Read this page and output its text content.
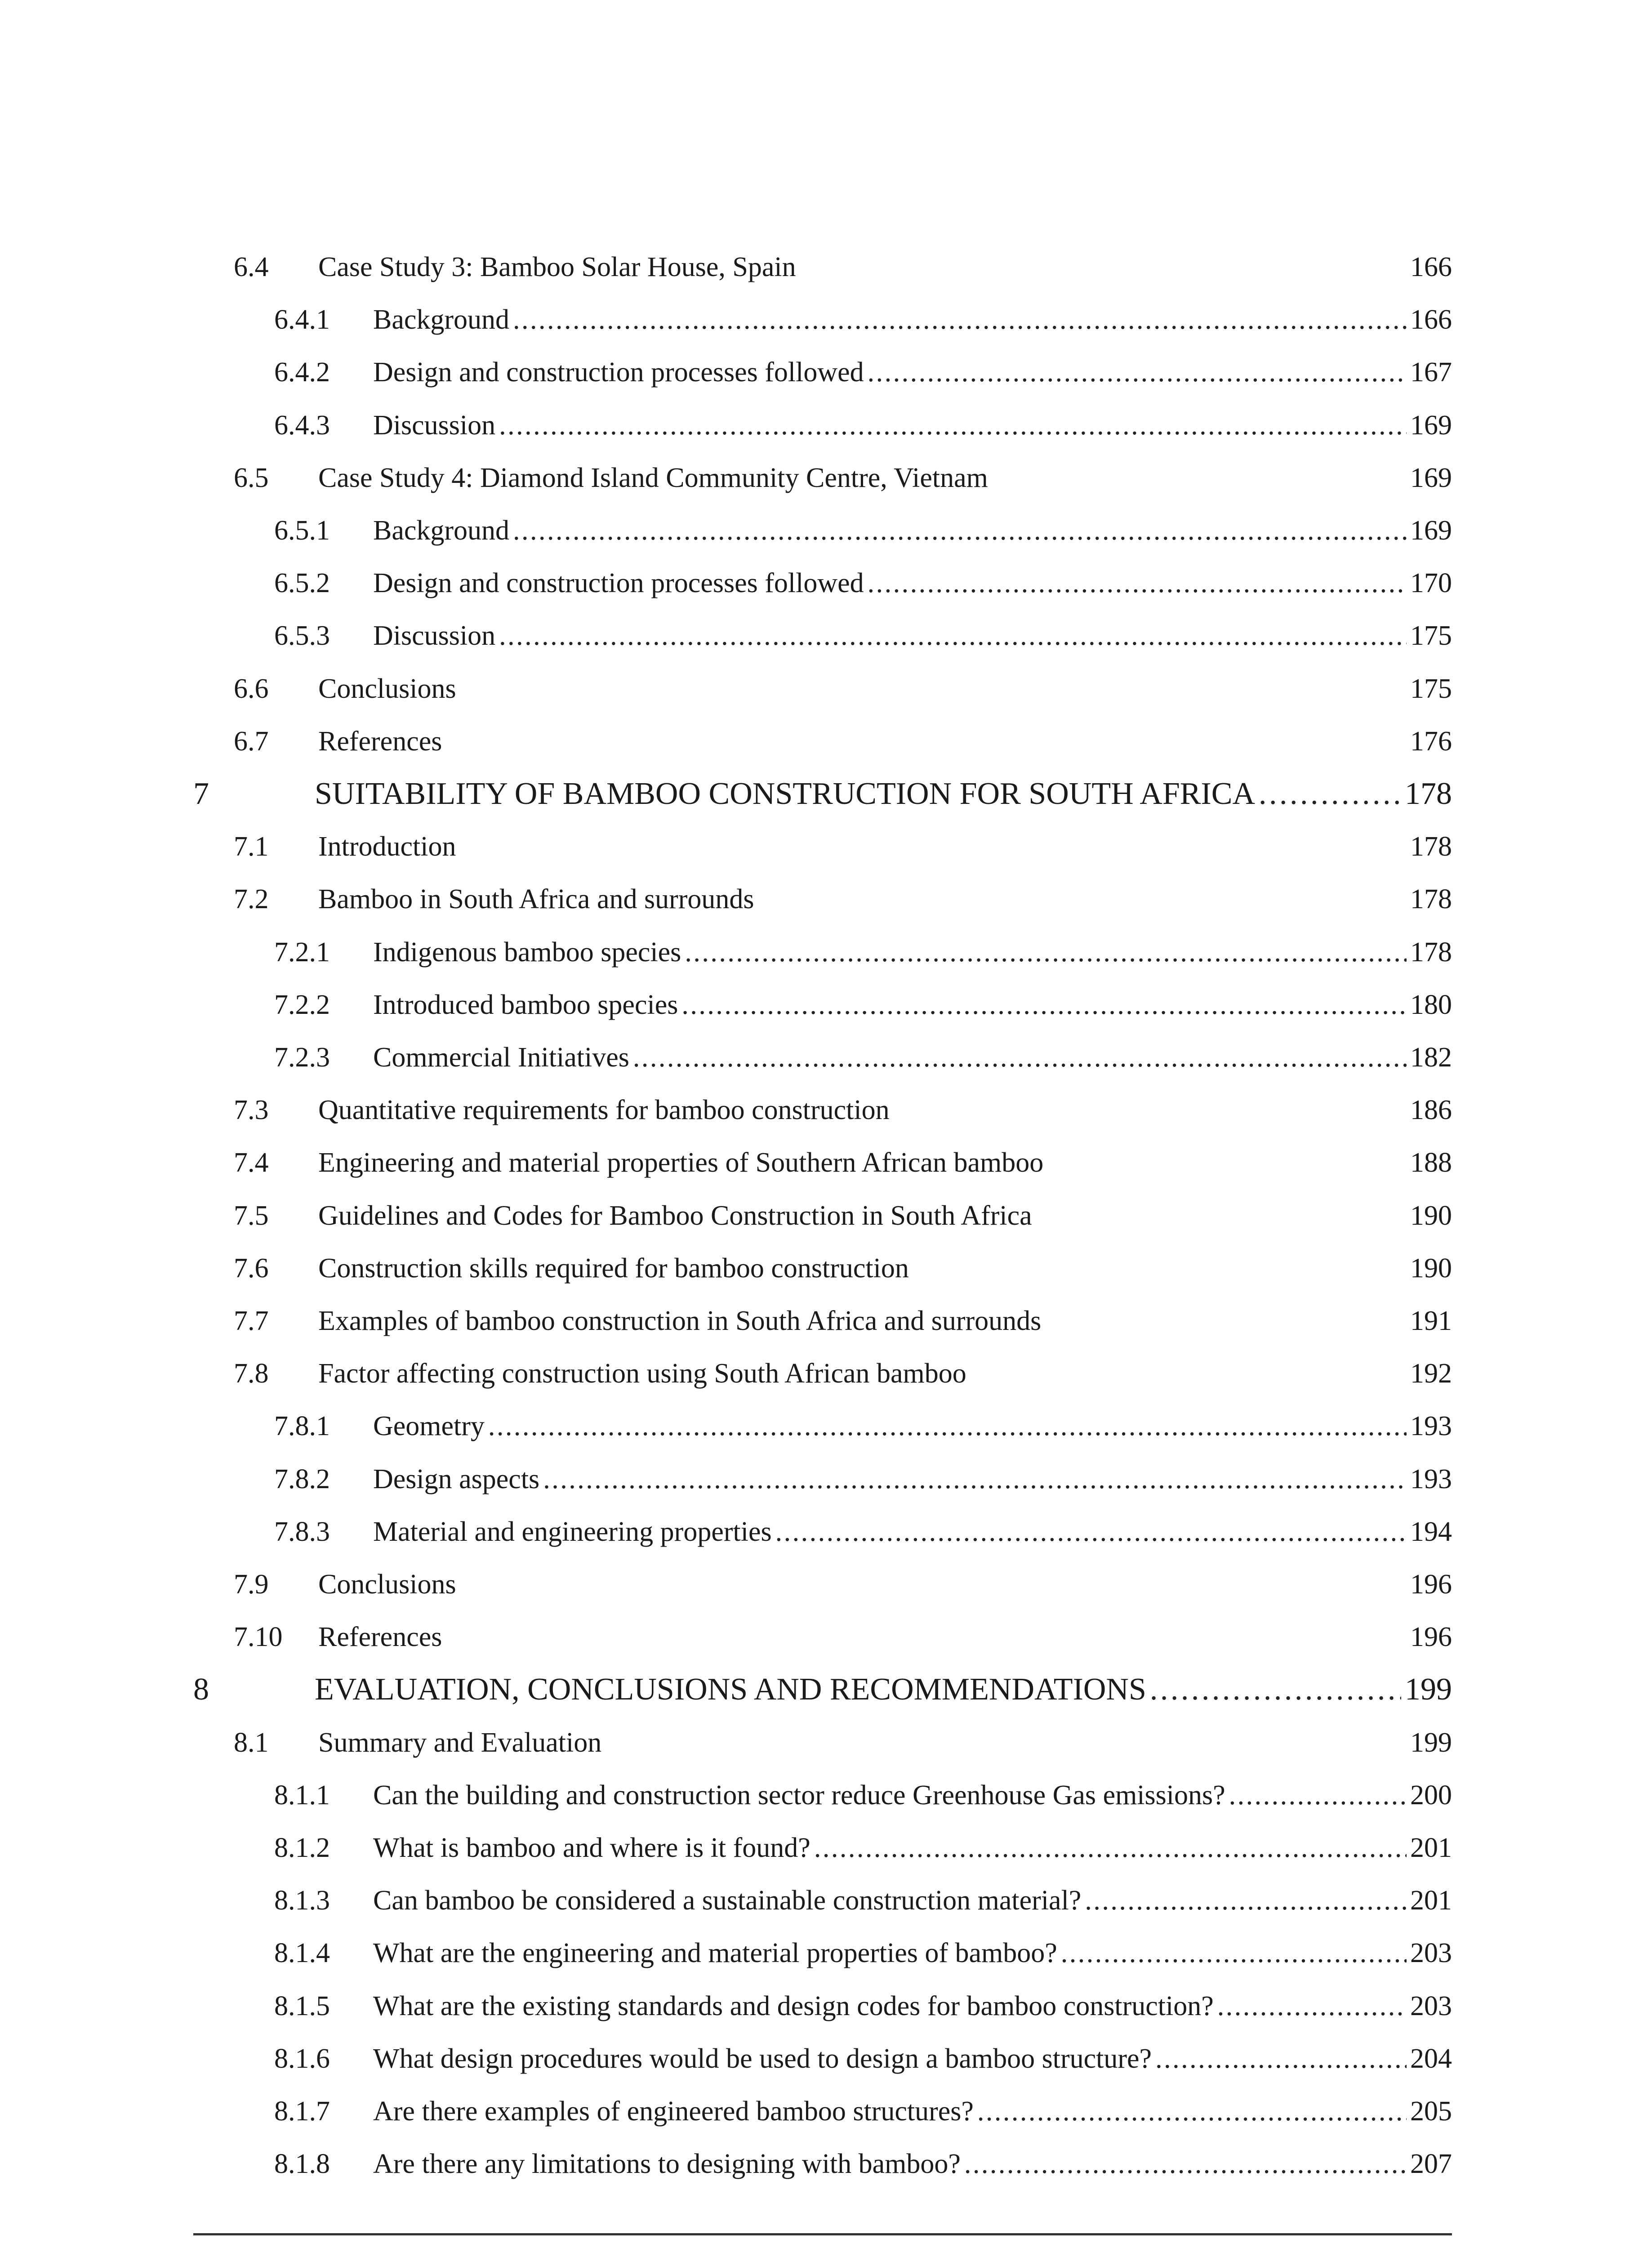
6.4 Case Study 3: Bamboo Solar House, Spain	166
6.4.1 Background . . .	166
6.4.2 Design and construction processes followed . . .	167
6.4.3 Discussion . . .	169
6.5 Case Study 4: Diamond Island Community Centre, Vietnam	169
6.5.1 Background . . .	169
6.5.2 Design and construction processes followed . . .	170
6.5.3 Discussion . . .	175
6.6 Conclusions	175
6.7 References	176
7	SUITABILITY OF BAMBOO CONSTRUCTION FOR SOUTH AFRICA . . .	178
7.1 Introduction	178
7.2 Bamboo in South Africa and surrounds	178
7.2.1 Indigenous bamboo species . . .	178
7.2.2 Introduced bamboo species . . .	180
7.2.3 Commercial Initiatives . . .	182
7.3 Quantitative requirements for bamboo construction	186
7.4 Engineering and material properties of Southern African bamboo	188
7.5 Guidelines and Codes for Bamboo Construction in South Africa	190
7.6 Construction skills required for bamboo construction	190
7.7 Examples of bamboo construction in South Africa and surrounds	191
7.8 Factor affecting construction using South African bamboo	192
7.8.1 Geometry . . .	193
7.8.2 Design aspects . . .	193
7.8.3 Material and engineering properties . . .	194
7.9 Conclusions	196
7.10 References	196
8	EVALUATION, CONCLUSIONS AND RECOMMENDATIONS . . .	199
8.1 Summary and Evaluation	199
8.1.1 Can the building and construction sector reduce Greenhouse Gas emissions? . . .	200
8.1.2 What is bamboo and where is it found? . . .	201
8.1.3 Can bamboo be considered a sustainable construction material? . . .	201
8.1.4 What are the engineering and material properties of bamboo? . . .	203
8.1.5 What are the existing standards and design codes for bamboo construction? . . .	203
8.1.6 What design procedures would be used to design a bamboo structure? . . .	204
8.1.7 Are there examples of engineered bamboo structures? . . .	205
8.1.8 Are there any limitations to designing with bamboo? . . .	207
